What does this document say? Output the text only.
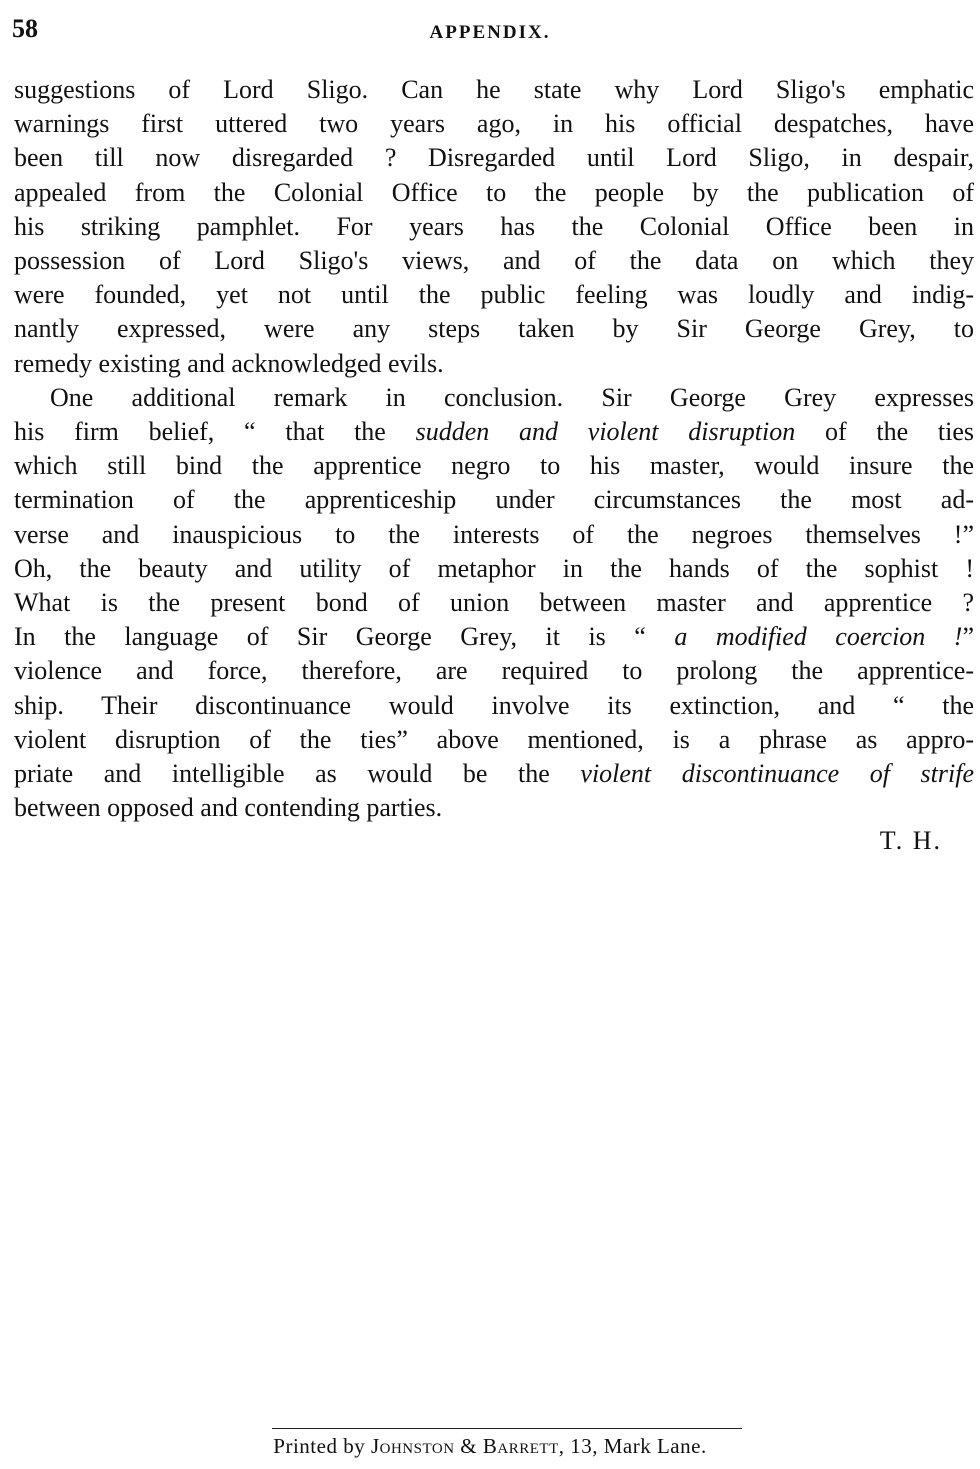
58	APPENDIX.

suggestions of Lord Sligo. Can he state why Lord Sligo's emphatic
warnings first uttered two years ago, in his official despatches, have
been till now disregarded ? Disregarded until Lord Sligo, in despair,
appealed from the Colonial Office to the people by the publication of
his striking pamphlet. For years has the Colonial Office been in
possession of Lord Sligo's views, and of the data on which they
were founded, yet not until the public feeling was loudly and indig-
nantly expressed, were any steps taken by Sir George Grey, to
remedy existing and acknowledged evils.

One additional remark in conclusion. Sir George Grey expresses
his firm belief, “ that the sudden and violent disruption of the ties
which still bind the apprentice negro to his master, would insure the
termination of the apprenticeship under circumstances the most ad-
verse and inauspicious to the interests of the negroes themselves !”
Oh, the beauty and utility of metaphor in the hands of the sophist !
What is the present bond of union between master and apprentice ?
In the language of Sir George Grey, it is “ a modified coercion !”
violence and force, therefore, are required to prolong the apprentice-
ship. Their discontinuance would involve its extinction, and “ the
violent disruption of the ties” above mentioned, is a phrase as appro-
priate and intelligible as would be the violent discontinuance of strife
between opposed and contending parties.

T. H.
Printed by Johnston & Barrett, 13, Mark Lane.
